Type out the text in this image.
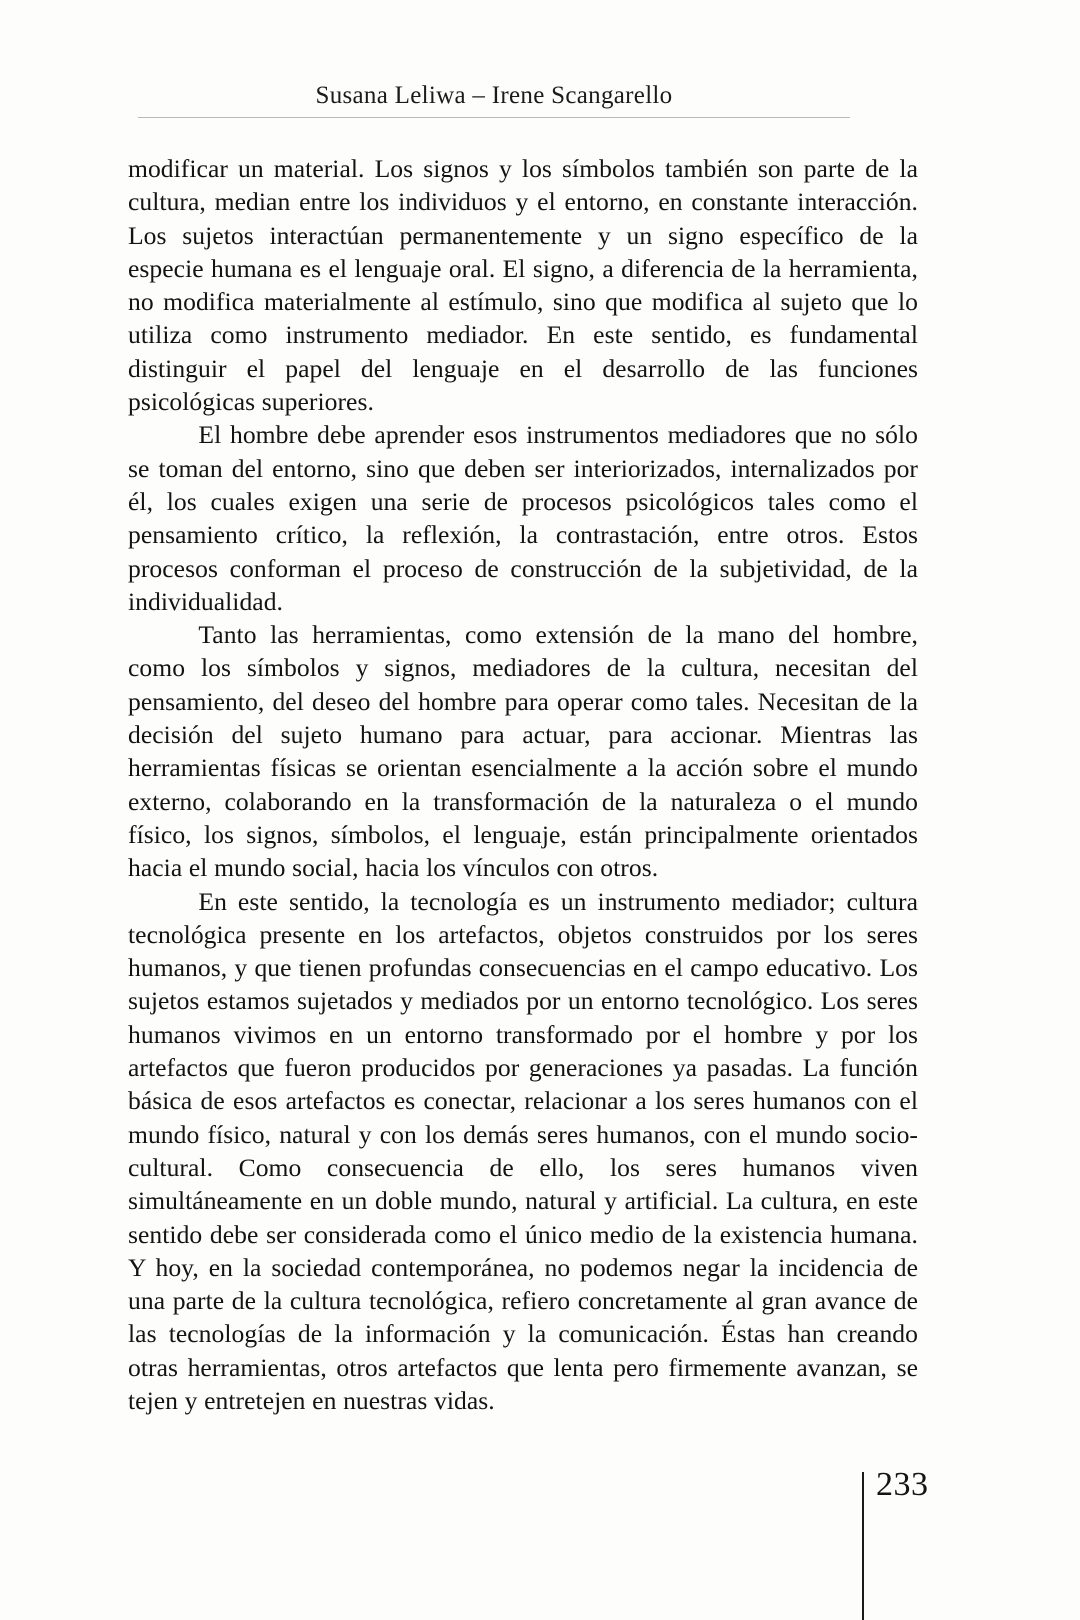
Susana Leliwa – Irene Scangarello

modificar un material. Los signos y los símbolos también son parte de la cultura, median entre los individuos y el entorno, en constante interacción. Los sujetos interactúan permanentemente y un signo específico de la especie humana es el lenguaje oral. El signo, a diferencia de la herramienta, no modifica materialmente al estímulo, sino que modifica al sujeto que lo utiliza como instrumento mediador. En este sentido, es fundamental distinguir el papel del lenguaje en el desarrollo de las funciones psicológicas superiores.

El hombre debe aprender esos instrumentos mediadores que no sólo se toman del entorno, sino que deben ser interiorizados, internalizados por él, los cuales exigen una serie de procesos psicológicos tales como el pensamiento crítico, la reflexión, la contrastación, entre otros. Estos procesos conforman el proceso de construcción de la subjetividad, de la individualidad.

Tanto las herramientas, como extensión de la mano del hombre, como los símbolos y signos, mediadores de la cultura, necesitan del pensamiento, del deseo del hombre para operar como tales. Necesitan de la decisión del sujeto humano para actuar, para accionar. Mientras las herramientas físicas se orientan esencialmente a la acción sobre el mundo externo, colaborando en la transformación de la naturaleza o el mundo físico, los signos, símbolos, el lenguaje, están principalmente orientados hacia el mundo social, hacia los vínculos con otros.

En este sentido, la tecnología es un instrumento mediador; cultura tecnológica presente en los artefactos, objetos construidos por los seres humanos, y que tienen profundas consecuencias en el campo educativo. Los sujetos estamos sujetados y mediados por un entorno tecnológico. Los seres humanos vivimos en un entorno transformado por el hombre y por los artefactos que fueron producidos por generaciones ya pasadas. La función básica de esos artefactos es conectar, relacionar a los seres humanos con el mundo físico, natural y con los demás seres humanos, con el mundo socio-cultural. Como consecuencia de ello, los seres humanos viven simultáneamente en un doble mundo, natural y artificial. La cultura, en este sentido debe ser considerada como el único medio de la existencia humana. Y hoy, en la sociedad contemporánea, no podemos negar la incidencia de una parte de la cultura tecnológica, refiero concretamente al gran avance de las tecnologías de la información y la comunicación. Éstas han creando otras herramientas, otros artefactos que lenta pero firmemente avanzan, se tejen y entretejen en nuestras vidas.

233
